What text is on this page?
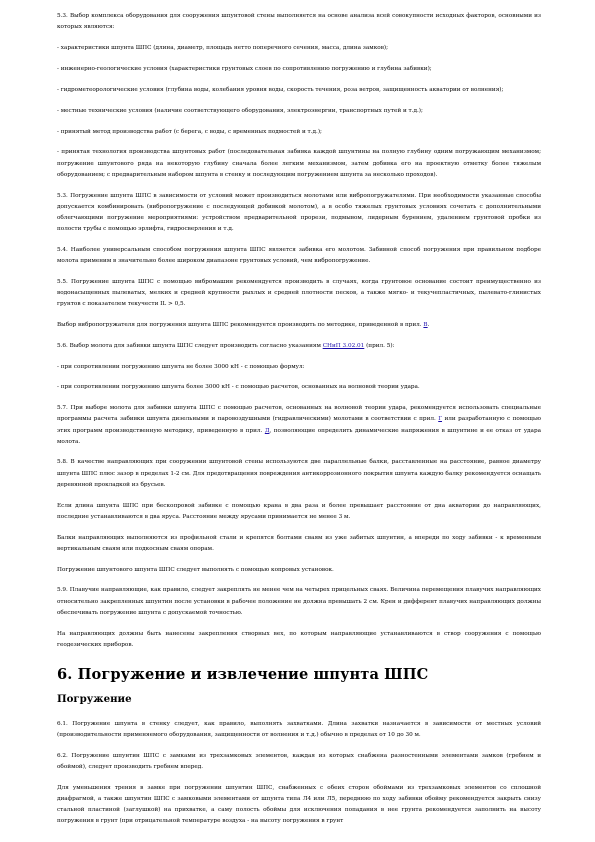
5.3. Выбор комплекса оборудования для сооружения шпунтовой стены выполняется на основе анализа всей совокупности исходных факторов, основными из которых являются:

- характеристики шпунта ШПС (длина, диаметр, площадь нетто поперечного сечения, масса, длина замков);

- инженерно-геологические условия (характеристики грунтовых слоев по сопротивлению погружению и глубина забивки);

- гидрометеорологические условия (глубина воды, колебания уровня воды, скорость течения, роза ветров, защищенность акватории от волнения);

- местные технические условия (наличие соответствующего оборудования, электроэнергии, транспортных путей и т.д.);

- принятый метод производства работ (с берега, с воды, с временных подмостей и т.д.);

- принятая технология производства шпунтовых работ (последовательная забивка каждой шпунтины на полную глубину одним погружающим механизмом; погружение шпунтового ряда на некоторую глубину сначала более легким механизмом, затем добивка его на проектную отметку более тяжелым оборудованием; с предварительным набором шпунта в стенку и последующим погружением шпунта за несколько проходов).

5.3. Погружение шпунта ШПС в зависимости от условий может производиться молотами или вибропогружателями. При необходимости указанные способы допускается комбинировать (вибропогружение с последующей добивкой молотом), а в особо тяжелых грунтовых условиях сочетать с дополнительными облегчающими погружение мероприятиями: устройством предварительной прорези, подмывом, лидерным бурением, удалением грунтовой пробки из полости трубы с помощью эрлифта, гидросверления и т.д.

5.4. Наиболее универсальным способом погружения шпунта ШПС является забивка его молотом. Забивной способ погружения при правильном подборе молота применим в значительно более широком диапазоне грунтовых условий, чем вибропогружение.

5.5. Погружение шпунта ШПС с помощью вибромашин рекомендуется производить в случаях, когда грунтовое основание состоит преимущественно из водонасыщенных пылеватых, мелких и средней крупности рыхлых и средней плотности песков, а также мягко- и текучепластичных, пылевато-глинистых грунтов с показателем текучести IL > 0,5.

Выбор вибропогружателя для погружения шпунта ШПС рекомендуется производить по методике, приведенной в прил. В.

5.6. Выбор молота для забивки шпунта ШПС следует производить согласно указаниям СНиП 3.02.01 (прил. 5):

- при сопротивлении погружению шпунта не более 3000 кН - с помощью формул:

- при сопротивлении погружению шпунта более 3000 кН - с помощью расчетов, основанных на волновой теории удара.

5.7. При выборе молота для забивки шпунта ШПС с помощью расчетов, основанных на волновой теории удара, рекомендуется использовать специальные программы расчета забивки шпунта дизельными и паровоздушными (гидравлическими) молотами в соответствии с прил. Г или разработанную с помощью этих программ производственную методику, приведенную в прил. Д, позволяющие определить динамические напряжения в шпунтине и ее отказ от удара молота.

5.8. В качестве направляющих при сооружении шпунтовой стены используются две параллельные балки, расставленные на расстояние, равное диаметру шпунта ШПС плюс зазор в пределах 1-2 см. Для предотвращения повреждения антикоррозионного покрытия шпунта каждую балку рекомендуется оснащать деревянной прокладкой из брусьев.

Если длина шпунта ШПС при бескопровой забивке с помощью крана в два раза и более превышает расстояние от дна акватории до направляющих, последние устанавливаются в два яруса. Расстояние между ярусами принимается не менее 3 м.

Балки направляющих выполняются из профильной стали и крепятся болтами сваям из уже забитых шпунтин, а впереди по ходу забивки - к временным вертикальным сваям или подкосным сваям опорам.

Погружение шпунтового шпунта ШПС следует выполнять с помощью копровых установок.

5.9. Плавучие направляющие, как правило, следует закреплять не менее чем на четырех прицельных сваях. Величина перемещения плавучих направляющих относительно закрепленных шпунтин после установки в рабочее положение не должна превышать 2 см. Крен и дифферент плавучих направляющих должны обеспечивать погружение шпунта с допускаемой точностью.

На направляющих должны быть нанесены закрепления створных вех, по которым направляющие устанавливаются в створ сооружения с помощью геодезических приборов.

6. Погружение и извлечение шпунта ШПС
Погружение

6.1. Погружение шпунта в стенку следует, как правило, выполнять захватками. Длина захватки назначается в зависимости от местных условий (производительности применяемого оборудования, защищенности от волнения и т.д.) обычно в пределах от 10 до 30 м.

6.2. Погружение шпунтин ШПС с замками из трехзамковых элементов, каждая из которых снабжена разностенными элементами замков (гребнем и обоймой), следует производить гребнем вперед.

Для уменьшения трения в замке при погружении шпунтин ШПС, снабженных с обеих сторон обоймами из трехзамковых элементов со сплошной диафрагмой, а также шпунтин ШПС с замковыми элементами от шпунта типа Л4 или Л5, переднюю по ходу забивки обойму рекомендуется закрыть снизу стальной пластиной (заглушкой) на прихватке, а саму полость обоймы для исключения попадания в нее грунта рекомендуется заполнить на высоту погружения в грунт (при отрицательной температуре воздуха - на высоту погружения в грунт
